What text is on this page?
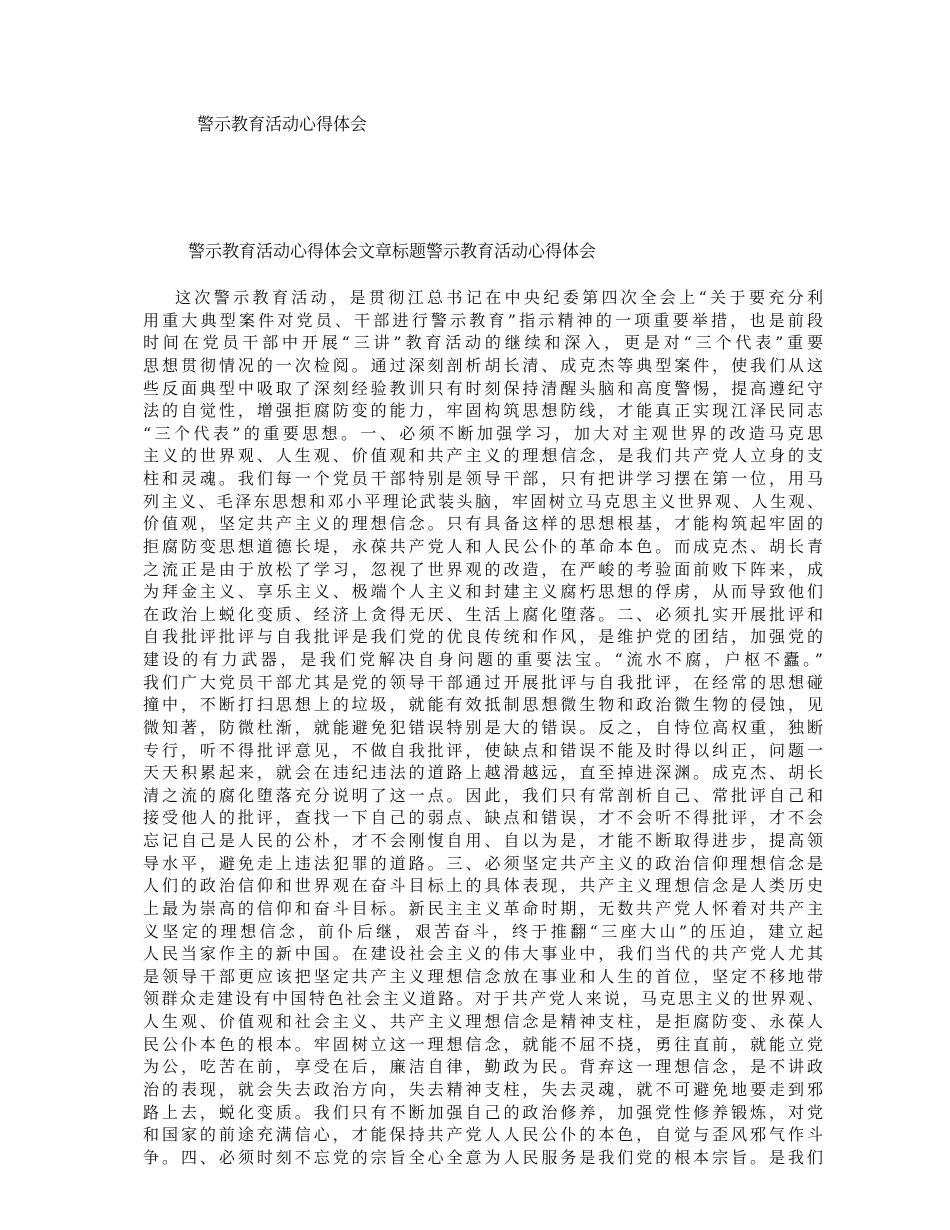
警示教育活动心得体会
警示教育活动心得体会文章标题警示教育活动心得体会
这次警示教育活动，是贯彻江总书记在中央纪委第四次全会上“关于要充分利
用重大典型案件对党员、干部进行警示教育”指示精神的一项重要举措，也是前段
时间在党员干部中开展“三讲”教育活动的继续和深入，更是对“三个代表”重要
思想贯彻情况的一次检阅。通过深刻剖析胡长清、成克杰等典型案件，使我们从这
些反面典型中吸取了深刻经验教训只有时刻保持清醒头脑和高度警惕，提高遵纪守
法的自觉性，增强拒腐防变的能力，牢固构筑思想防线，才能真正实现江泽民同志
“三个代表”的重要思想。一、必须不断加强学习，加大对主观世界的改造马克思
主义的世界观、人生观、价值观和共产主义的理想信念，是我们共产党人立身的支
柱和灵魂。我们每一个党员干部特别是领导干部，只有把讲学习摆在第一位，用马
列主义、毛泽东思想和邓小平理论武装头脑，牢固树立马克思主义世界观、人生观、
价值观，坚定共产主义的理想信念。只有具备这样的思想根基，才能构筑起牢固的
拒腐防变思想道德长堤，永葆共产党人和人民公仆的革命本色。而成克杰、胡长青
之流正是由于放松了学习，忽视了世界观的改造，在严峻的考验面前败下阵来，成
为拜金主义、享乐主义、极端个人主义和封建主义腐朽思想的俘虏，从而导致他们
在政治上蜕化变质、经济上贪得无厌、生活上腐化堕落。二、必须扎实开展批评和
自我批评批评与自我批评是我们党的优良传统和作风，是维护党的团结，加强党的
建设的有力武器，是我们党解决自身问题的重要法宝。“流水不腐，户枢不蠹。”
我们广大党员干部尤其是党的领导干部通过开展批评与自我批评，在经常的思想碰
撞中，不断打扫思想上的垃圾，就能有效抵制思想微生物和政治微生物的侵蚀，见
微知著，防微杜渐，就能避免犯错误特别是大的错误。反之，自恃位高权重，独断
专行，听不得批评意见，不做自我批评，使缺点和错误不能及时得以纠正，问题一
天天积累起来，就会在违纪违法的道路上越滑越远，直至掉进深渊。成克杰、胡长
清之流的腐化堕落充分说明了这一点。因此，我们只有常剖析自己、常批评自己和
接受他人的批评，查找一下自己的弱点、缺点和错误，才不会听不得批评，才不会
忘记自己是人民的公朴，才不会刚愎自用、自以为是，才能不断取得进步，提高领
导水平，避免走上违法犯罪的道路。三、必须坚定共产主义的政治信仰理想信念是
人们的政治信仰和世界观在奋斗目标上的具体表现，共产主义理想信念是人类历史
上最为崇高的信仰和奋斗目标。新民主主义革命时期，无数共产党人怀着对共产主
义坚定的理想信念，前仆后继，艰苦奋斗，终于推翻“三座大山”的压迫，建立起
人民当家作主的新中国。在建设社会主义的伟大事业中，我们当代的共产党人尤其
是领导干部更应该把坚定共产主义理想信念放在事业和人生的首位，坚定不移地带
领群众走建设有中国特色社会主义道路。对于共产党人来说，马克思主义的世界观、
人生观、价值观和社会主义、共产主义理想信念是精神支柱，是拒腐防变、永葆人
民公仆本色的根本。牢固树立这一理想信念，就能不屈不挠，勇往直前，就能立党
为公，吃苦在前，享受在后，廉洁自律，勤政为民。背弃这一理想信念，是不讲政
治的表现，就会失去政治方向，失去精神支柱，失去灵魂，就不可避免地要走到邪
路上去，蜕化变质。我们只有不断加强自己的政治修养，加强党性修养锻炼，对党
和国家的前途充满信心，才能保持共产党人人民公仆的本色，自觉与歪风邪气作斗
争。四、必须时刻不忘党的宗旨全心全意为人民服务是我们党的根本宗旨。是我们
